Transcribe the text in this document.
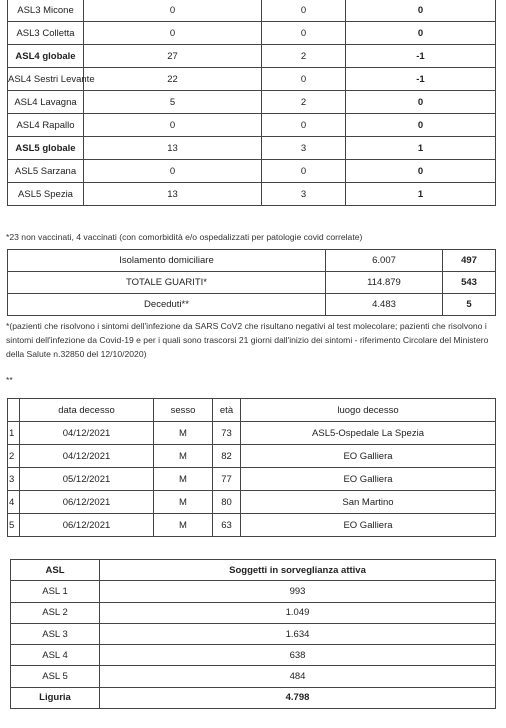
ASL3 Micone	0	0	0
ASL3 Colletta	0	0	0
ASL4 globale	27	2	-1
ASL4 Sestri Levante	22	0	-1
ASL4 Lavagna	5	2	0
ASL4 Rapallo	0	0	0
ASL5 globale	13	3	1
ASL5 Sarzana	0	0	0
ASL5 Spezia	13	3	1
*23 non vaccinati, 4 vaccinati (con comorbidità e/o ospedalizzati per patologie covid correlate)
Isolamento domiciliare	6.007	497
TOTALE GUARITI*	114.879	543
Deceduti**	4.483	5
*(pazienti che risolvono i sintomi dell'infezione da SARS CoV2 che risultano negativi al test molecolare; pazienti che risolvono i sintomi dell'infezione da Covid-19 e per i quali sono trascorsi 21 giorni dall'inizio dei sintomi - riferimento Circolare del Ministero della Salute n.32850 del 12/10/2020)
**
	data decesso	sesso	età	luogo decesso
1	04/12/2021	M	73	ASL5-Ospedale La Spezia
2	04/12/2021	M	82	EO Galliera
3	05/12/2021	M	77	EO Galliera
4	06/12/2021	M	80	San Martino
5	06/12/2021	M	63	EO Galliera
ASL	Soggetti in sorveglianza attiva
ASL 1	993
ASL 2	1.049
ASL 3	1.634
ASL 4	638
ASL 5	484
Liguria	4.798
